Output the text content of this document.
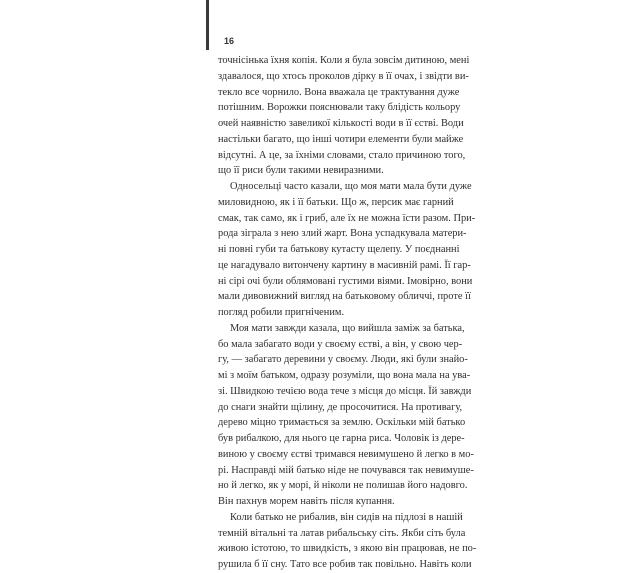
16
точнісінька їхня копія. Коли я була зовсім дитиною, мені
здавалося, що хтось проколов дірку в її очах, і звідти ви-
текло все чорнило. Вона вважала це трактування дуже
потішним. Ворожки пояснювали таку блідість кольору
очей наявністю завеликої кількості води в її єстві. Води
настільки багато, що інші чотири елементи були майже
відсутні. А це, за їхніми словами, стало причиною того,
що її риси були такими невиразними.
Односельці часто казали, що моя мати мала бути дуже
миловидною, як і її батьки. Що ж, персик має гарний
смак, так само, як і гриб, але їх не можна їсти разом. При-
рода зіграла з нею злий жарт. Вона успадкувала матери-
ні повні губи та батькову кутасту щелепу. У поєднанні
це нагадувало витончену картину в масивній рамі. Її гар-
ні сірі очі були облямовані густими віями. Імовірно, вони
мали дивовижний вигляд на батьковому обличчі, проте її
погляд робили пригніченим.
Моя мати завжди казала, що вийшла заміж за батька,
бо мала забагато води у своєму єстві, а він, у свою чер-
гу, — забагато деревини у своєму. Люди, які були знайо-
мі з моїм батьком, одразу розуміли, що вона мала на ува-
зі. Швидкою течією вода тече з місця до місця. Їй завжди
до снаги знайти щілину, де просочитися. На противагу,
дерево міцно тримається за землю. Оскільки мій батько
був рибалкою, для нього це гарна риса. Чоловік із дере-
виною у своєму єстві тримався невимушено й легко в мо-
рі. Насправді мій батько ніде не почувався так невимуше-
но й легко, як у морі, й ніколи не полишав його надовго.
Він пахнув морем навіть після купання.
Коли батько не рибалив, він сидів на підлозі в нашій
темній вітальні та латав рибальську сіть. Якби сіть була
живою істотою, то швидкість, з якою він працював, не по-
рушила б її сну. Тато все робив так повільно. Навіть коли
